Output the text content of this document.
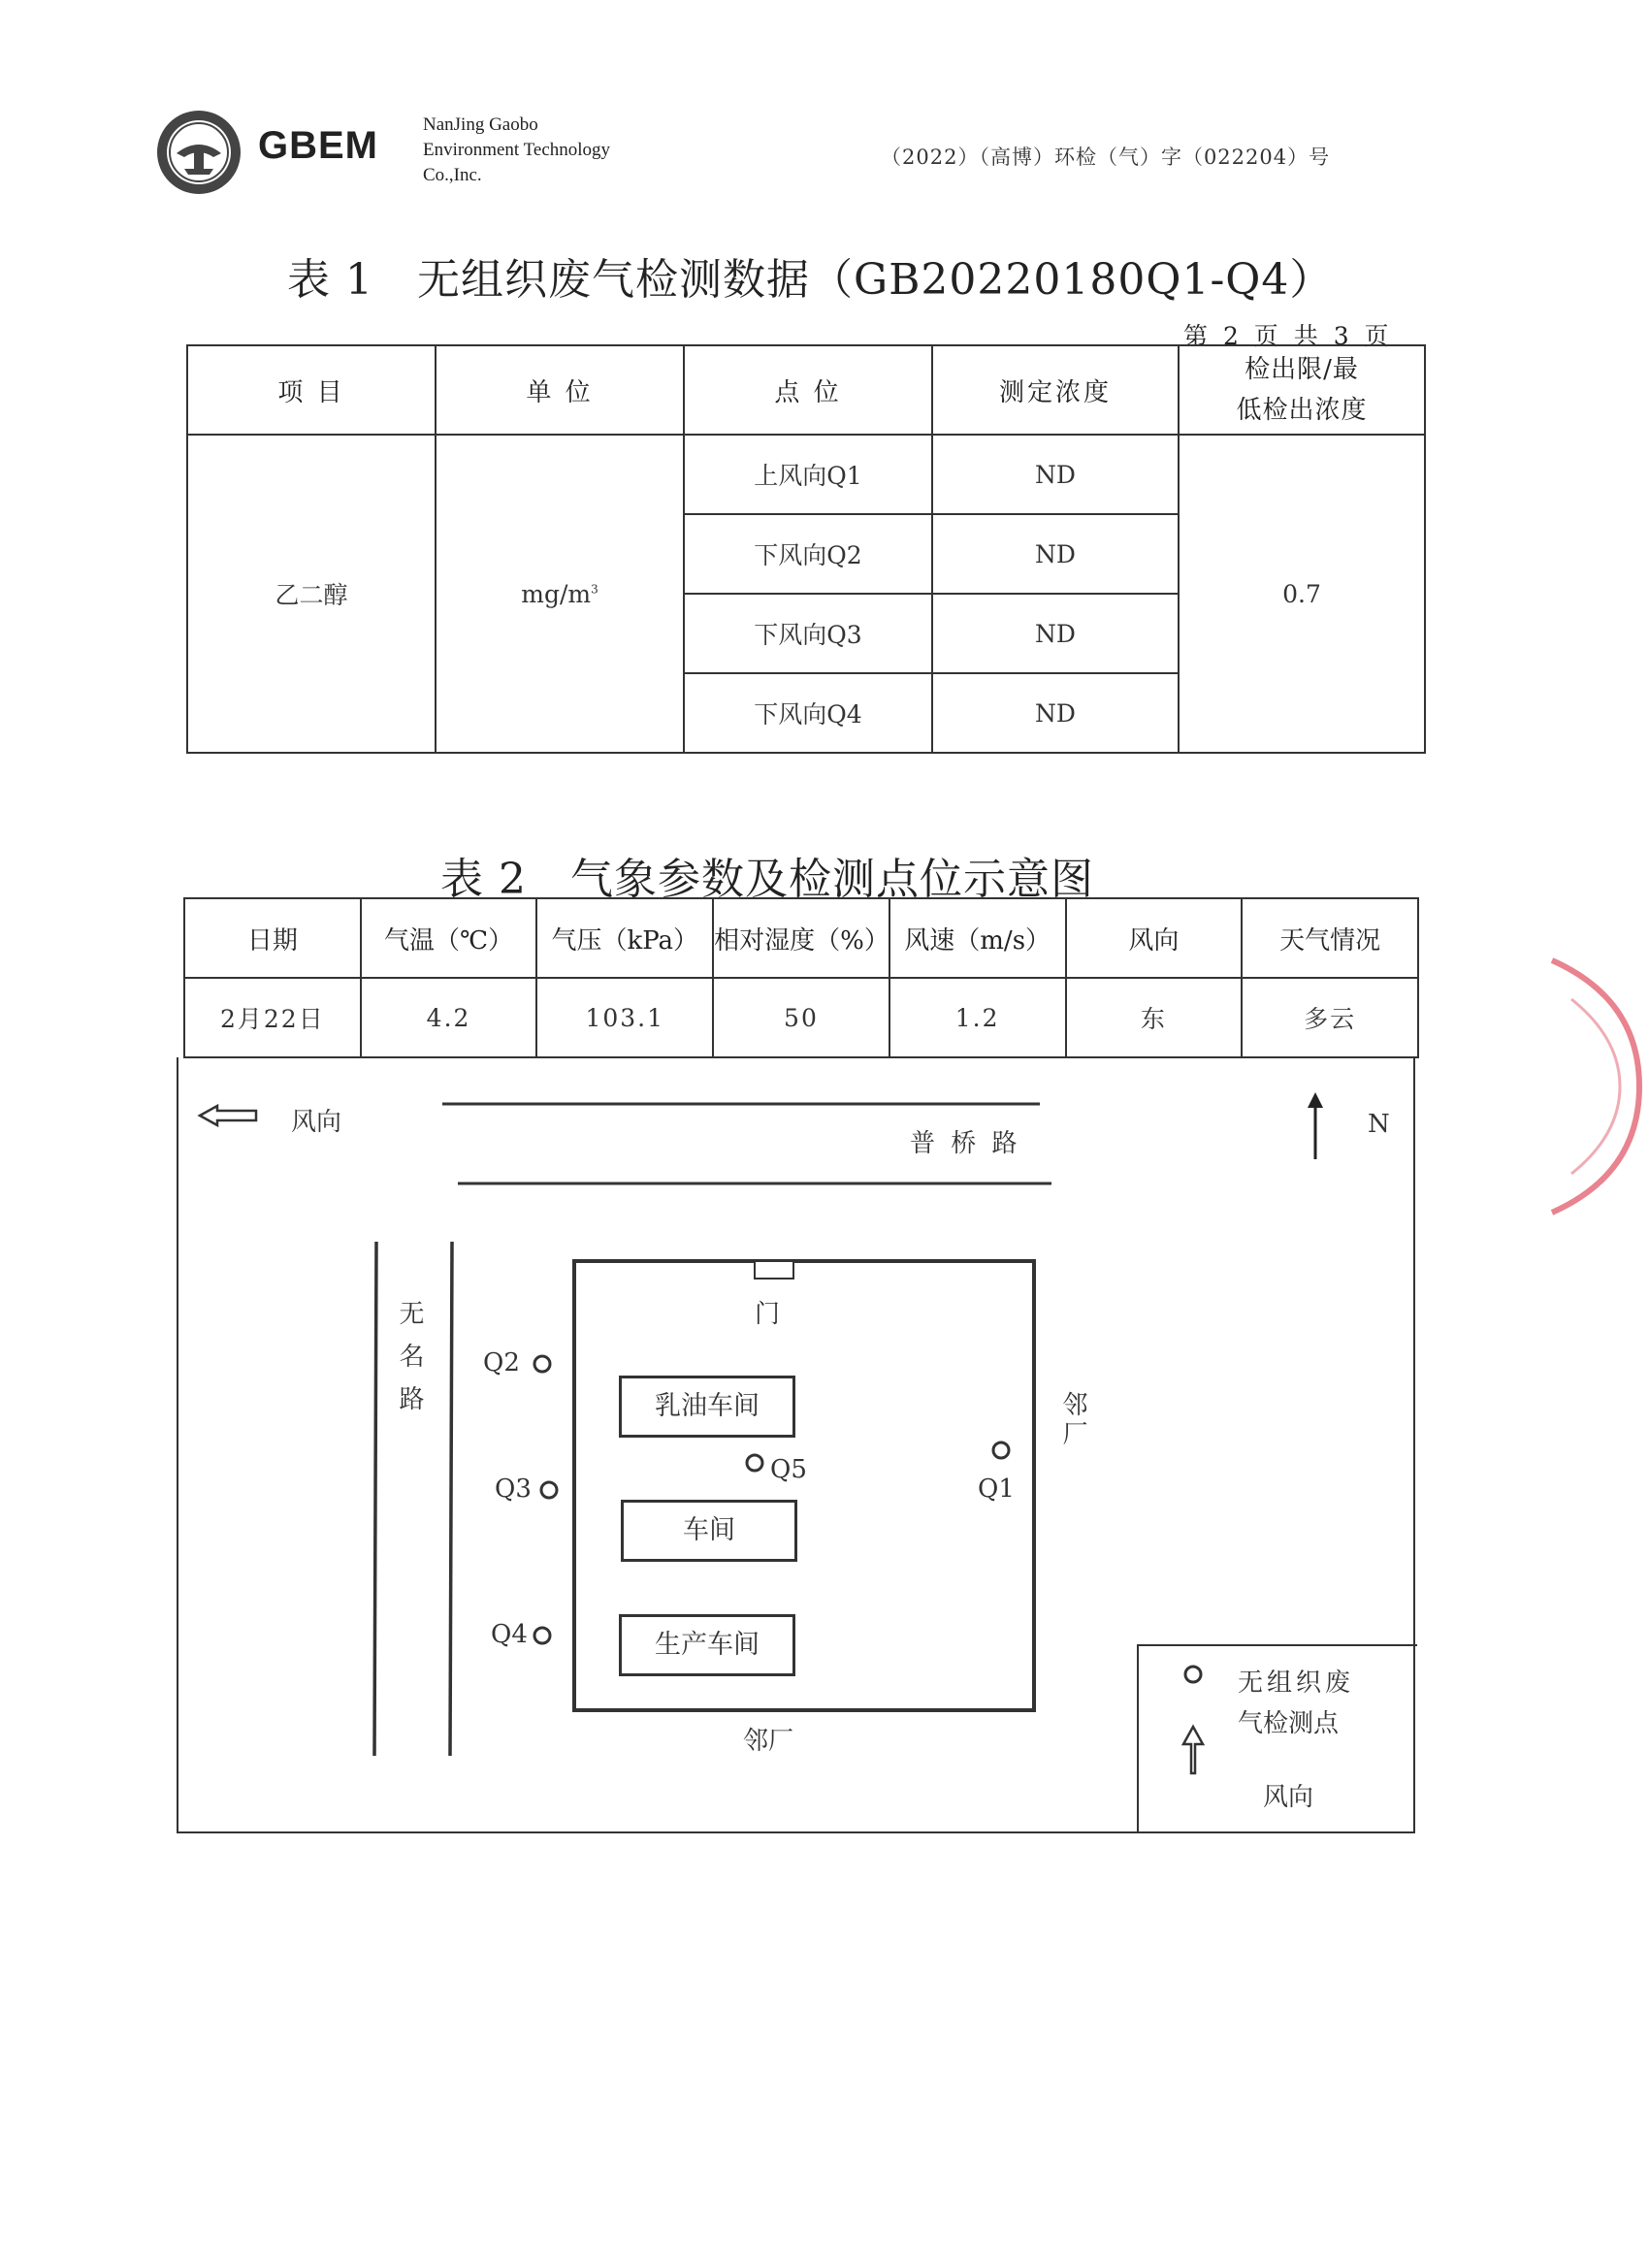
GBEM NanJing Gaobo
Environment Technology
Co.,Inc.
（2022）（高博）环检（气）字（022204）号
表 1   无组织废气检测数据（GB20220180Q1-Q4）
第 2 页 共 3 页
项 目	单 位	点 位	测定浓度	检出限/最
低检出浓度

乙二醇	$mg/m^3$	上风向Q1	ND	0.7
		下风向Q2	ND	
		下风向Q3	ND	
		下风向Q4	ND	
表 2   气象参数及检测点位示意图
日期	气温（℃）	气压（kPa）	相对湿度（%）	风速（m/s）	风向	天气情况
2月22日	4.2	103.1	50	1.2	东	多云
风向	N
普 桥 路
无名路	门
邻厂
邻厂
乳油车间
车间
生产车间
Q2
Q3
Q4
Q5
Q1
无组织废
气检测点
风向
